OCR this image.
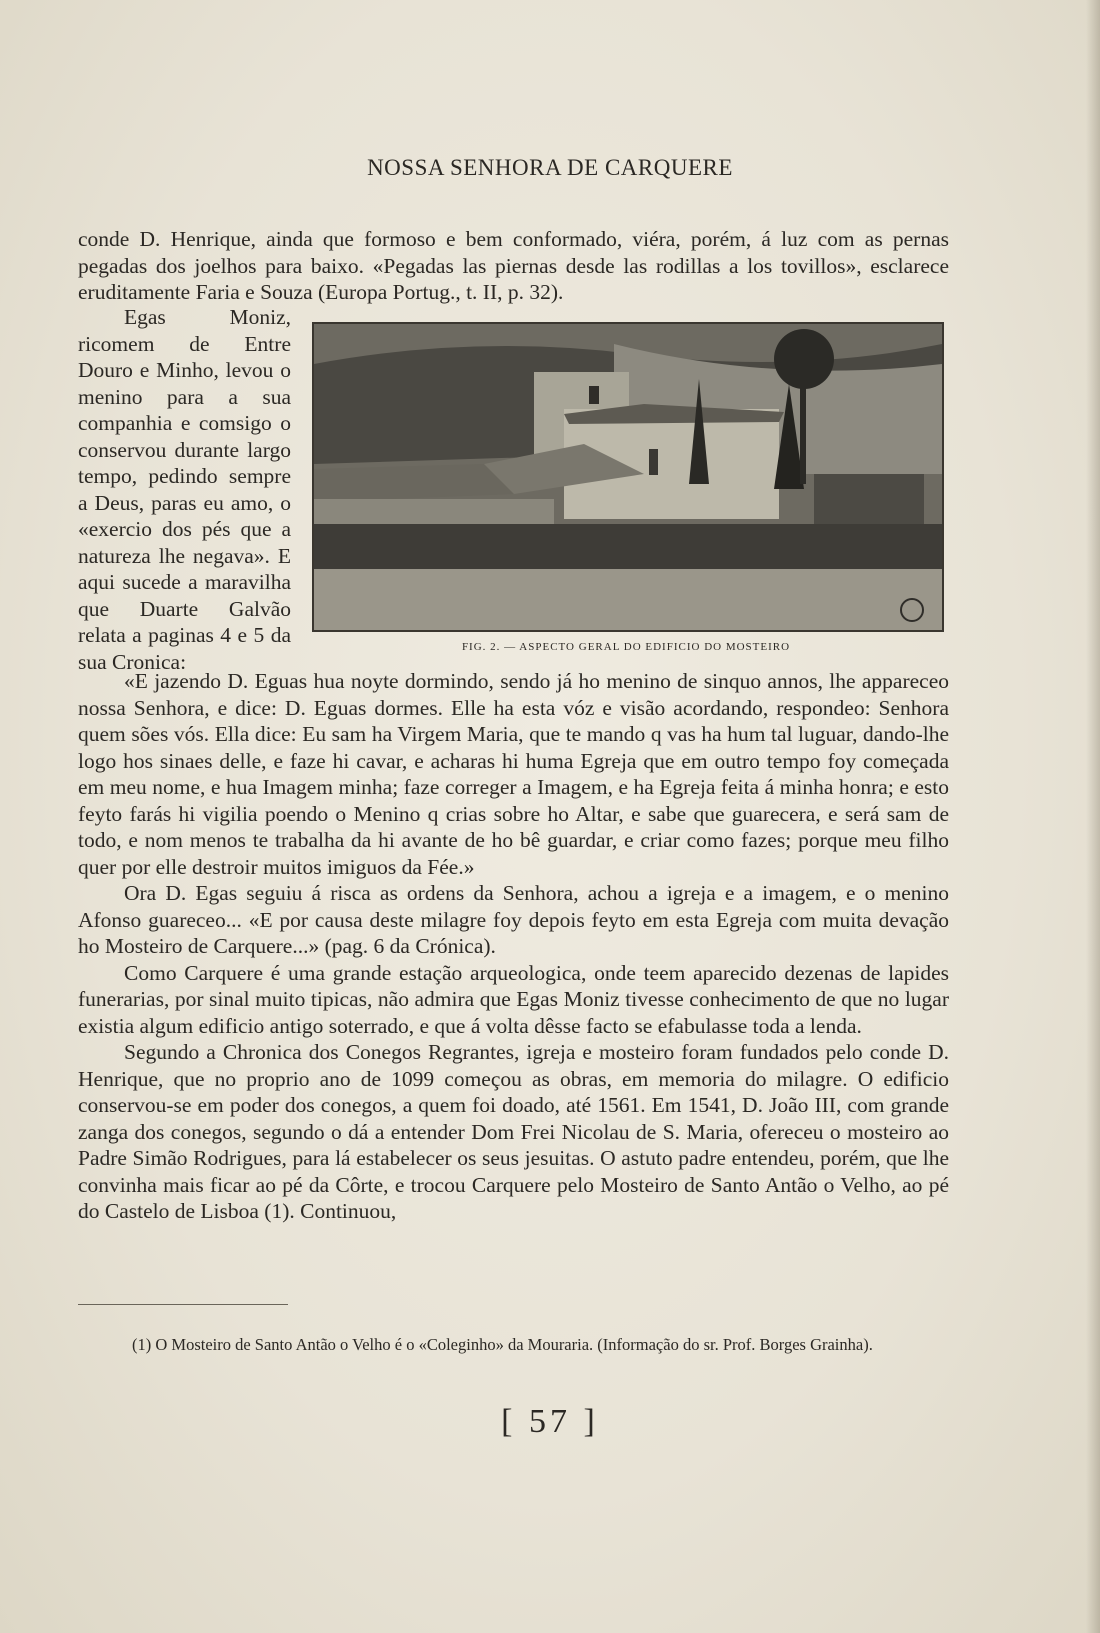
NOSSA SENHORA DE CARQUERE

conde D. Henrique, ainda que formoso e bem conformado, viéra, porém, á luz com as pernas pegadas dos joelhos para baixo. «Pegadas las piernas desde las rodillas a los tovillos», esclarece eruditamente Faria e Souza (Europa Portug., t. II, p. 32).

Egas Moniz, ricomem de Entre Douro e Minho, levou o menino para a sua companhia e comsigo o conservou durante largo tempo, pedindo sempre a Deus, paras eu amo, o «exercio dos pés que a natureza lhe negava». E aqui sucede a maravilha que Duarte Galvão relata a paginas 4 e 5 da sua Cronica:

FIG. 2. — ASPECTO GERAL DO EDIFICIO DO MOSTEIRO

«E jazendo D. Eguas hua noyte dormindo, sendo já ho menino de sinquo annos, lhe appareceo nossa Senhora, e dice: D. Eguas dormes. Elle ha esta vóz e visão acordando, respondeo: Senhora quem sões vós. Ella dice: Eu sam ha Virgem Maria, que te mando q vas ha hum tal luguar, dando-lhe logo hos sinaes delle, e faze hi cavar, e acharas hi huma Egreja que em outro tempo foy começada em meu nome, e hua Imagem minha; faze correger a Imagem, e ha Egreja feita á minha honra; e esto feyto farás hi vigilia poendo o Menino q crias sobre ho Altar, e sabe que guarecera, e será sam de todo, e nom menos te trabalha da hi avante de ho bê guardar, e criar como fazes; porque meu filho quer por elle destroir muitos imiguos da Fée.»

Ora D. Egas seguiu á risca as ordens da Senhora, achou a igreja e a imagem, e o menino Afonso guareceo... «E por causa deste milagre foy depois feyto em esta Egreja com muita devação ho Mosteiro de Carquere...» (pag. 6 da Crónica).

Como Carquere é uma grande estação arqueologica, onde teem aparecido dezenas de lapides funerarias, por sinal muito tipicas, não admira que Egas Moniz tivesse conhecimento de que no lugar existia algum edificio antigo soterrado, e que á volta dêsse facto se efabulasse toda a lenda.

Segundo a Chronica dos Conegos Regrantes, igreja e mosteiro foram fundados pelo conde D. Henrique, que no proprio ano de 1099 começou as obras, em memoria do milagre. O edificio conservou-se em poder dos conegos, a quem foi doado, até 1561. Em 1541, D. João III, com grande zanga dos conegos, segundo o dá a entender Dom Frei Nicolau de S. Maria, ofereceu o mosteiro ao Padre Simão Rodrigues, para lá estabelecer os seus jesuitas. O astuto padre entendeu, porém, que lhe convinha mais ficar ao pé da Côrte, e trocou Carquere pelo Mosteiro de Santo Antão o Velho, ao pé do Castelo de Lisboa (1). Continuou,

(1) O Mosteiro de Santo Antão o Velho é o «Coleginho» da Mouraria. (Informação do sr. Prof. Borges Grainha).
[ 57 ]
